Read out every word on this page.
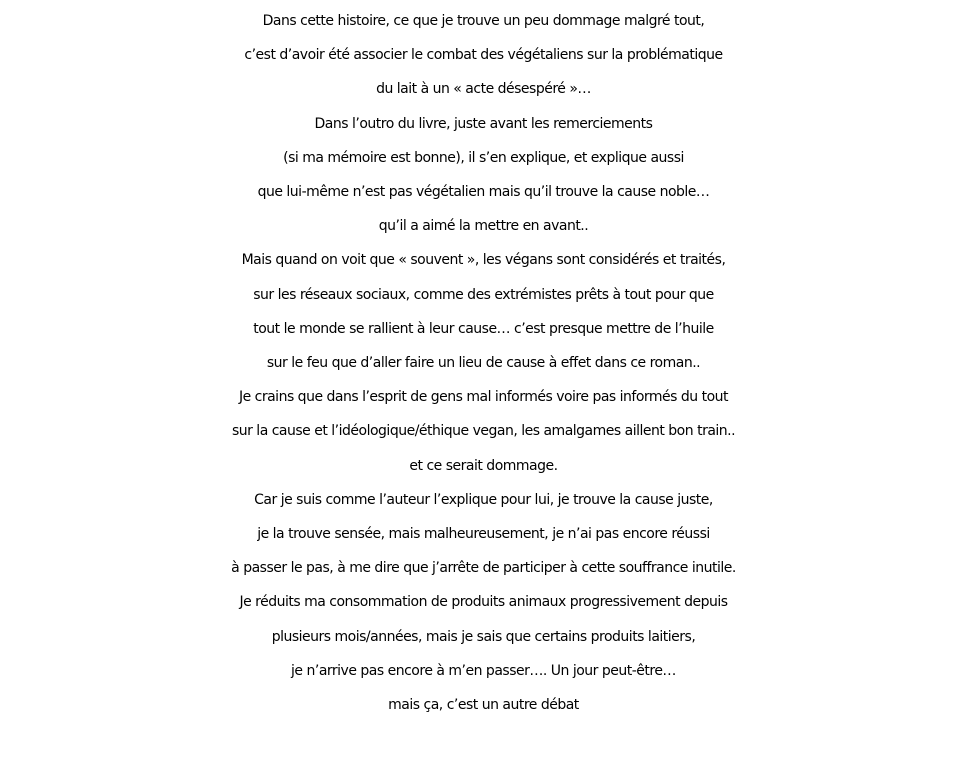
Dans cette histoire, ce que je trouve un peu dommage malgré tout,
c’est d’avoir été associer le combat des végétaliens sur la problématique
du lait à un « acte désespéré »…
Dans l’outro du livre, juste avant les remerciements
(si ma mémoire est bonne), il s’en explique, et explique aussi
que lui-même n’est pas végétalien mais qu’il trouve la cause noble…
qu’il a aimé la mettre en avant..
Mais quand on voit que « souvent », les végans sont considérés et traités,
sur les réseaux sociaux, comme des extrémistes prêts à tout pour que
tout le monde se rallient à leur cause… c’est presque mettre de l’huile
sur le feu que d’aller faire un lieu de cause à effet dans ce roman..
Je crains que dans l’esprit de gens mal informés voire pas informés du tout
sur la cause et l’idéologique/éthique vegan, les amalgames aillent bon train..
et ce serait dommage.
Car je suis comme l’auteur l’explique pour lui, je trouve la cause juste,
je la trouve sensée, mais malheureusement, je n’ai pas encore réussi
à passer le pas, à me dire que j’arrête de participer à cette souffrance inutile.
Je réduits ma consommation de produits animaux progressivement depuis
plusieurs mois/années, mais je sais que certains produits laitiers,
je n’arrive pas encore à m’en passer…. Un jour peut-être…
mais ça, c’est un autre débat
